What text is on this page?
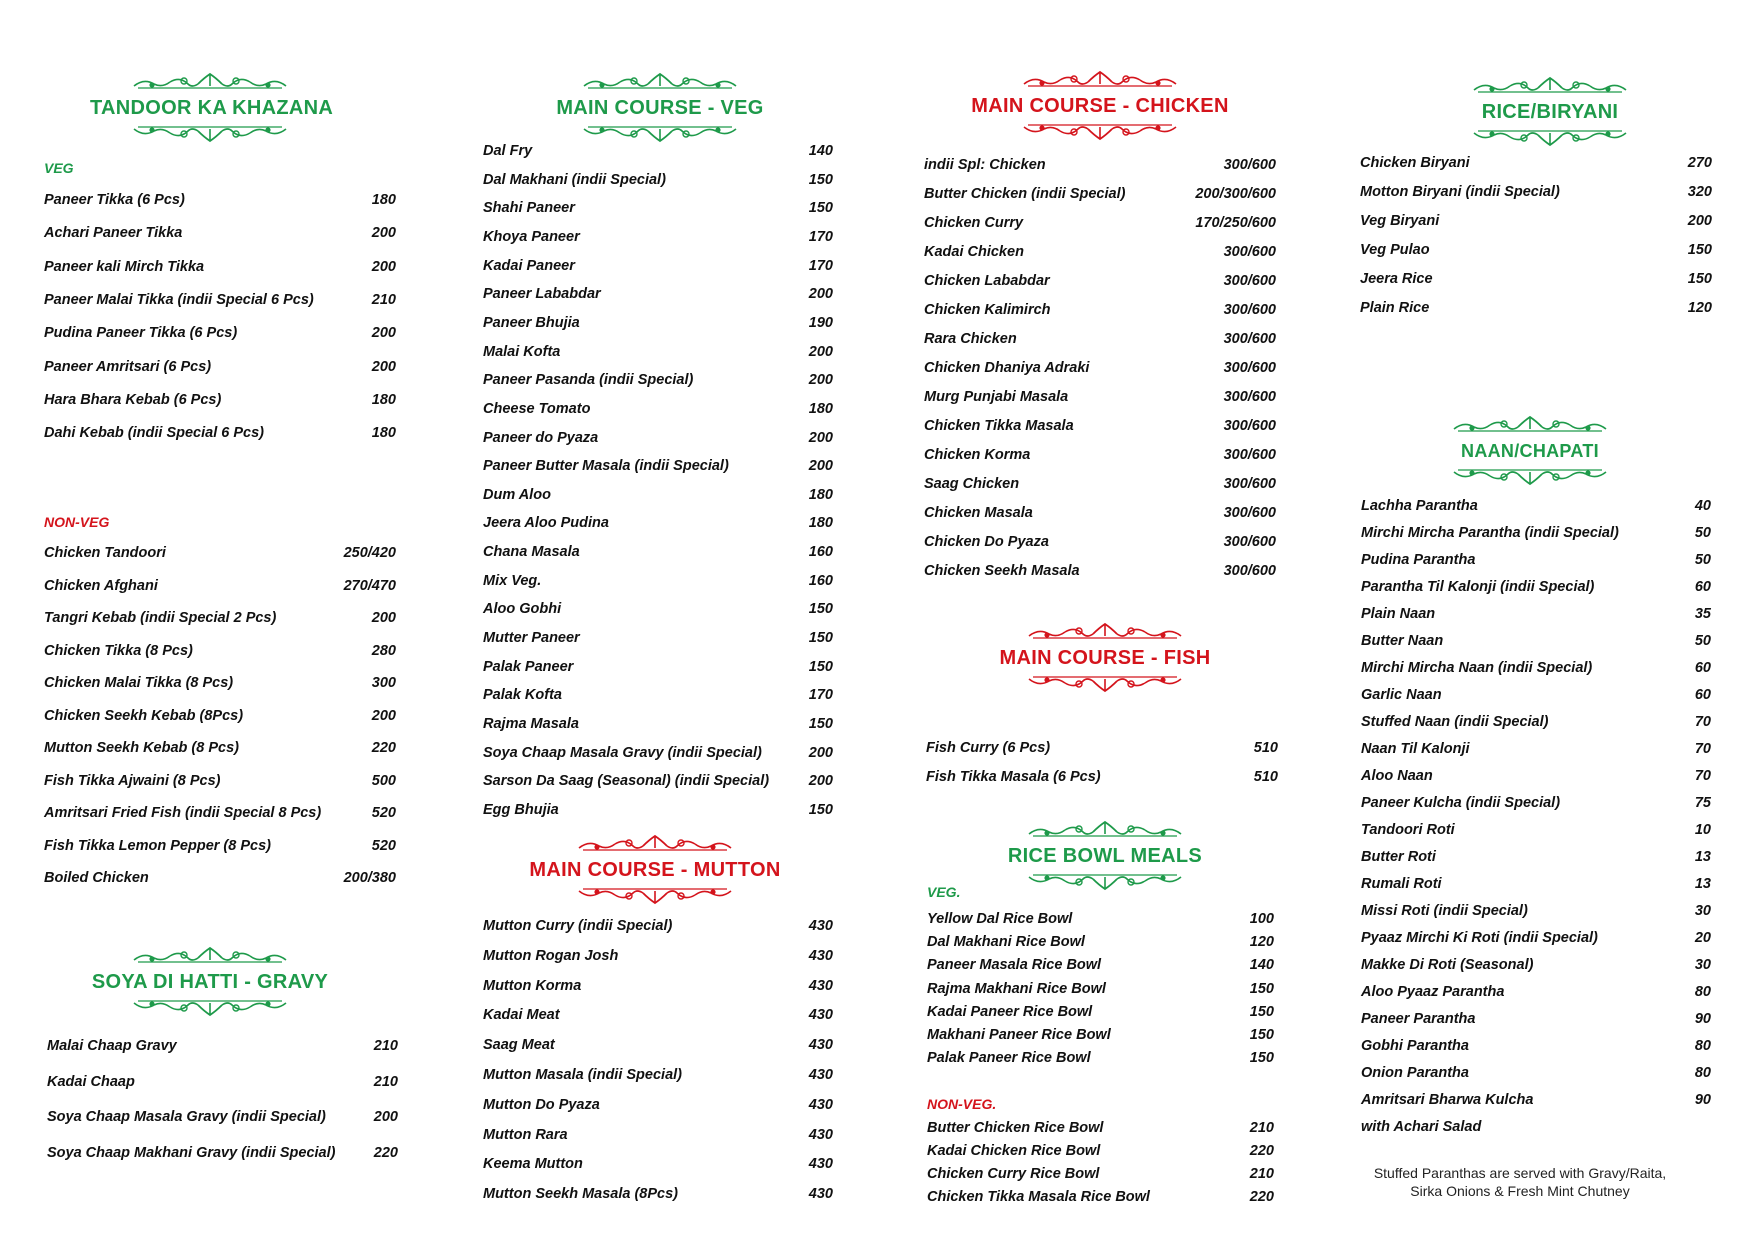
TANDOOR KA KHAZANA
VEG
Paneer Tikka (6 Pcs)	180
Achari Paneer Tikka	200
Paneer kali Mirch Tikka	200
Paneer Malai Tikka (indii Special 6 Pcs)	210
Pudina Paneer Tikka (6 Pcs)	200
Paneer Amritsari (6 Pcs)	200
Hara Bhara Kebab (6 Pcs)	180
Dahi Kebab (indii Special 6 Pcs)	180
NON-VEG
Chicken Tandoori	250/420
Chicken Afghani	270/470
Tangri Kebab (indii Special 2 Pcs)	200
Chicken Tikka (8 Pcs)	280
Chicken Malai Tikka (8 Pcs)	300
Chicken Seekh Kebab (8Pcs)	200
Mutton Seekh Kebab (8 Pcs)	220
Fish Tikka Ajwaini (8 Pcs)	500
Amritsari Fried Fish (indii Special 8 Pcs)	520
Fish Tikka Lemon Pepper (8 Pcs)	520
Boiled Chicken	200/380
SOYA DI HATTI - GRAVY
Malai Chaap Gravy	210
Kadai Chaap	210
Soya Chaap Masala Gravy (indii Special)	200
Soya Chaap Makhani Gravy (indii Special)	220
MAIN COURSE - VEG
Dal Fry	140
Dal Makhani (indii Special)	150
Shahi Paneer	150
Khoya Paneer	170
Kadai Paneer	170
Paneer Lababdar	200
Paneer Bhujia	190
Malai Kofta	200
Paneer Pasanda (indii Special)	200
Cheese Tomato	180
Paneer do Pyaza	200
Paneer Butter Masala (indii Special)	200
Dum Aloo	180
Jeera Aloo Pudina	180
Chana Masala	160
Mix Veg.	160
Aloo Gobhi	150
Mutter Paneer	150
Palak Paneer	150
Palak Kofta	170
Rajma Masala	150
Soya Chaap Masala Gravy (indii Special)	200
Sarson Da Saag (Seasonal) (indii Special)	200
Egg Bhujia	150
MAIN COURSE - MUTTON
Mutton Curry (indii Special)	430
Mutton Rogan Josh	430
Mutton Korma	430
Kadai Meat	430
Saag Meat	430
Mutton Masala (indii Special)	430
Mutton Do Pyaza	430
Mutton Rara	430
Keema Mutton	430
Mutton Seekh Masala (8Pcs)	430
MAIN COURSE - CHICKEN
indii Spl: Chicken	300/600
Butter Chicken (indii Special)	200/300/600
Chicken Curry	170/250/600
Kadai Chicken	300/600
Chicken Lababdar	300/600
Chicken Kalimirch	300/600
Rara Chicken	300/600
Chicken Dhaniya Adraki	300/600
Murg Punjabi Masala	300/600
Chicken Tikka Masala	300/600
Chicken Korma	300/600
Saag Chicken	300/600
Chicken Masala	300/600
Chicken Do Pyaza	300/600
Chicken Seekh Masala	300/600
MAIN COURSE - FISH
Fish Curry (6 Pcs)	510
Fish Tikka Masala (6 Pcs)	510
RICE BOWL MEALS
VEG.
Yellow Dal Rice Bowl	100
Dal Makhani Rice Bowl	120
Paneer Masala Rice Bowl	140
Rajma Makhani Rice Bowl	150
Kadai Paneer Rice Bowl	150
Makhani Paneer Rice Bowl	150
Palak Paneer Rice Bowl	150
NON-VEG.
Butter Chicken Rice Bowl	210
Kadai Chicken Rice Bowl	220
Chicken Curry Rice Bowl	210
Chicken Tikka Masala Rice Bowl	220
RICE/BIRYANI
Chicken Biryani	270
Motton Biryani (indii Special)	320
Veg Biryani	200
Veg Pulao	150
Jeera Rice	150
Plain Rice	120
NAAN/CHAPATI
Lachha Parantha	40
Mirchi Mircha Parantha (indii Special)	50
Pudina Parantha	50
Parantha Til Kalonji (indii Special)	60
Plain Naan	35
Butter Naan	50
Mirchi Mircha Naan (indii Special)	60
Garlic Naan	60
Stuffed Naan (indii Special)	70
Naan Til Kalonji	70
Aloo Naan	70
Paneer Kulcha (indii Special)	75
Tandoori Roti	10
Butter Roti	13
Rumali Roti	13
Missi Roti (indii Special)	30
Pyaaz Mirchi Ki Roti (indii Special)	20
Makke Di Roti (Seasonal)	30
Aloo Pyaaz Parantha	80
Paneer Parantha	90
Gobhi Parantha	80
Onion Parantha	80
Amritsari Bharwa Kulcha	90
with Achari Salad
Stuffed Paranthas are served with Gravy/Raita,
Sirka Onions & Fresh Mint Chutney
